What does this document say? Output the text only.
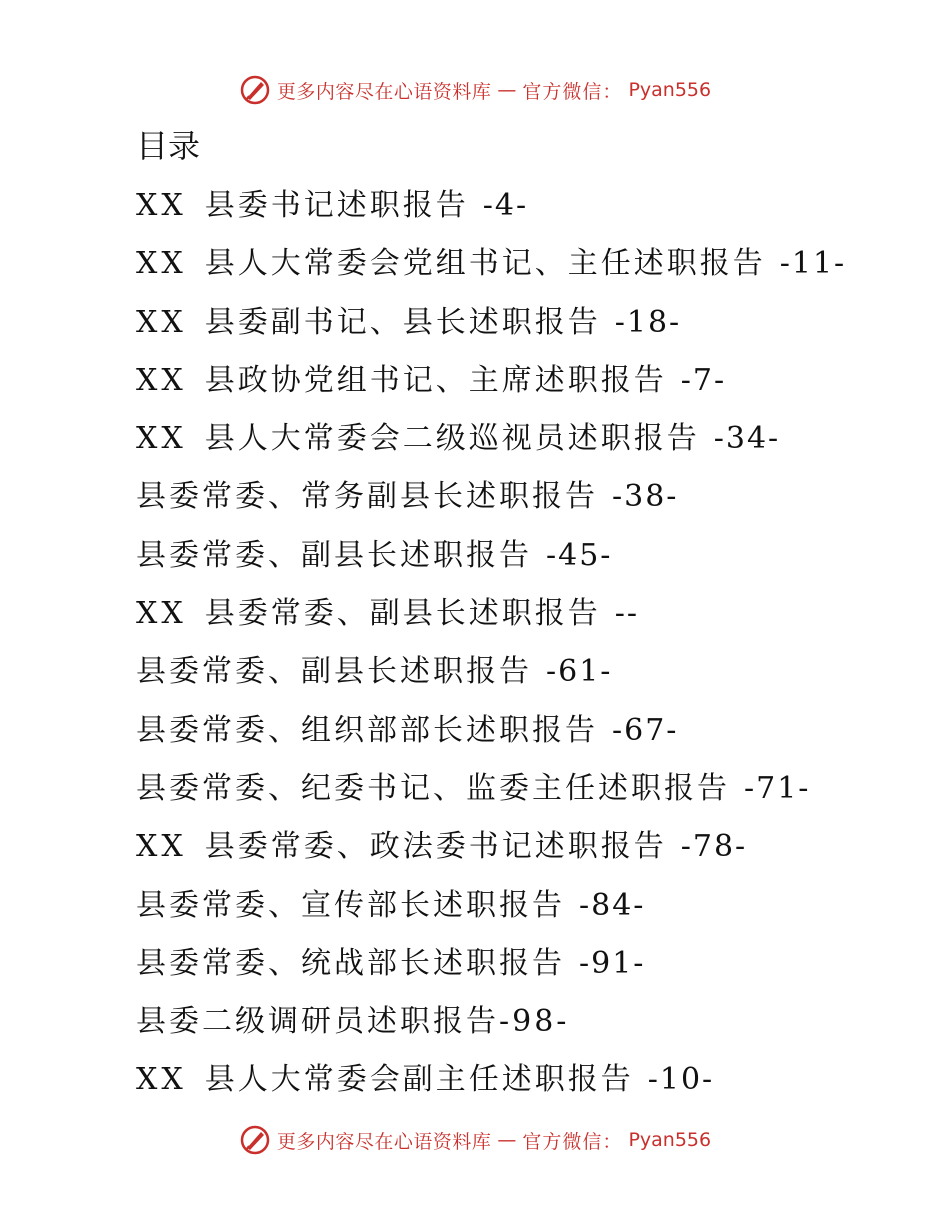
更多内容尽在心语资料库 — 官方微信： Pyan556
目录
XX 县委书记述职报告 -4-
XX 县人大常委会党组书记、主任述职报告 -11-
XX 县委副书记、县长述职报告 -18-
XX 县政协党组书记、主席述职报告 -7-
XX 县人大常委会二级巡视员述职报告 -34-
县委常委、常务副县长述职报告 -38-
县委常委、副县长述职报告 -45-
XX 县委常委、副县长述职报告 --
县委常委、副县长述职报告 -61-
县委常委、组织部部长述职报告 -67-
县委常委、纪委书记、监委主任述职报告 -71-
XX 县委常委、政法委书记述职报告 -78-
县委常委、宣传部长述职报告 -84-
县委常委、统战部长述职报告 -91-
县委二级调研员述职报告-98-
XX 县人大常委会副主任述职报告 -10-
更多内容尽在心语资料库 — 官方微信： Pyan556
